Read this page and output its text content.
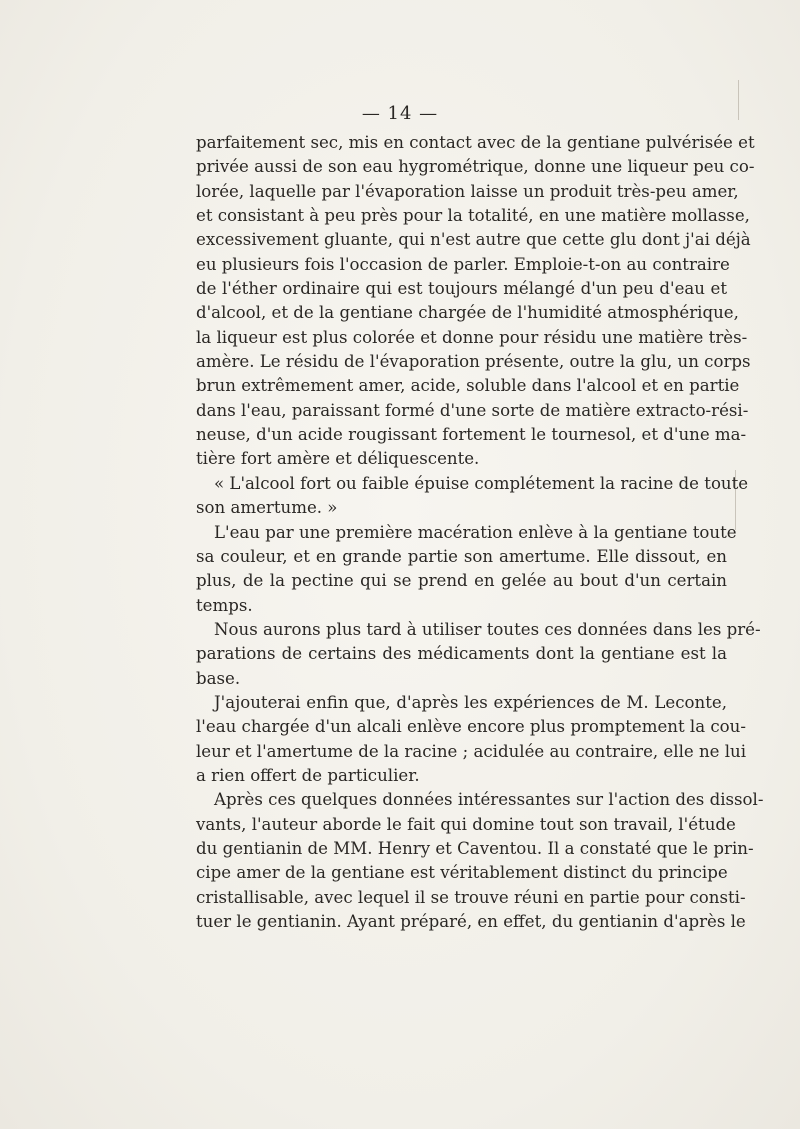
— 14 —
parfaitement sec, mis en contact avec de la gentiane pulvérisée et
privée aussi de son eau hygrométrique, donne une liqueur peu co-
lorée, laquelle par l'évaporation laisse un produit très-peu amer,
et consistant à peu près pour la totalité, en une matière mollasse,
excessivement gluante, qui n'est autre que cette glu dont j'ai déjà
eu plusieurs fois l'occasion de parler. Emploie-t-on au contraire
de l'éther ordinaire qui est toujours mélangé d'un peu d'eau et
d'alcool, et de la gentiane chargée de l'humidité atmosphérique,
la liqueur est plus colorée et donne pour résidu une matière très-
amère. Le résidu de l'évaporation présente, outre la glu, un corps
brun extrêmement amer, acide, soluble dans l'alcool et en partie
dans l'eau, paraissant formé d'une sorte de matière extracto-rési-
neuse, d'un acide rougissant fortement le tournesol, et d'une ma-
tière fort amère et déliquescente.
« L'alcool fort ou faible épuise complétement la racine de toute
son amertume. »
L'eau par une première macération enlève à la gentiane toute
sa couleur, et en grande partie son amertume. Elle dissout, en
plus, de la pectine qui se prend en gelée au bout d'un certain
temps.
Nous aurons plus tard à utiliser toutes ces données dans les pré-
parations de certains des médicaments dont la gentiane est la
base.
J'ajouterai enfin que, d'après les expériences de M. Leconte,
l'eau chargée d'un alcali enlève encore plus promptement la cou-
leur et l'amertume de la racine ; acidulée au contraire, elle ne lui
a rien offert de particulier.
Après ces quelques données intéressantes sur l'action des dissol-
vants, l'auteur aborde le fait qui domine tout son travail, l'étude
du gentianin de MM. Henry et Caventou. Il a constaté que le prin-
cipe amer de la gentiane est véritablement distinct du principe
cristallisable, avec lequel il se trouve réuni en partie pour consti-
tuer le gentianin. Ayant préparé, en effet, du gentianin d'après le
